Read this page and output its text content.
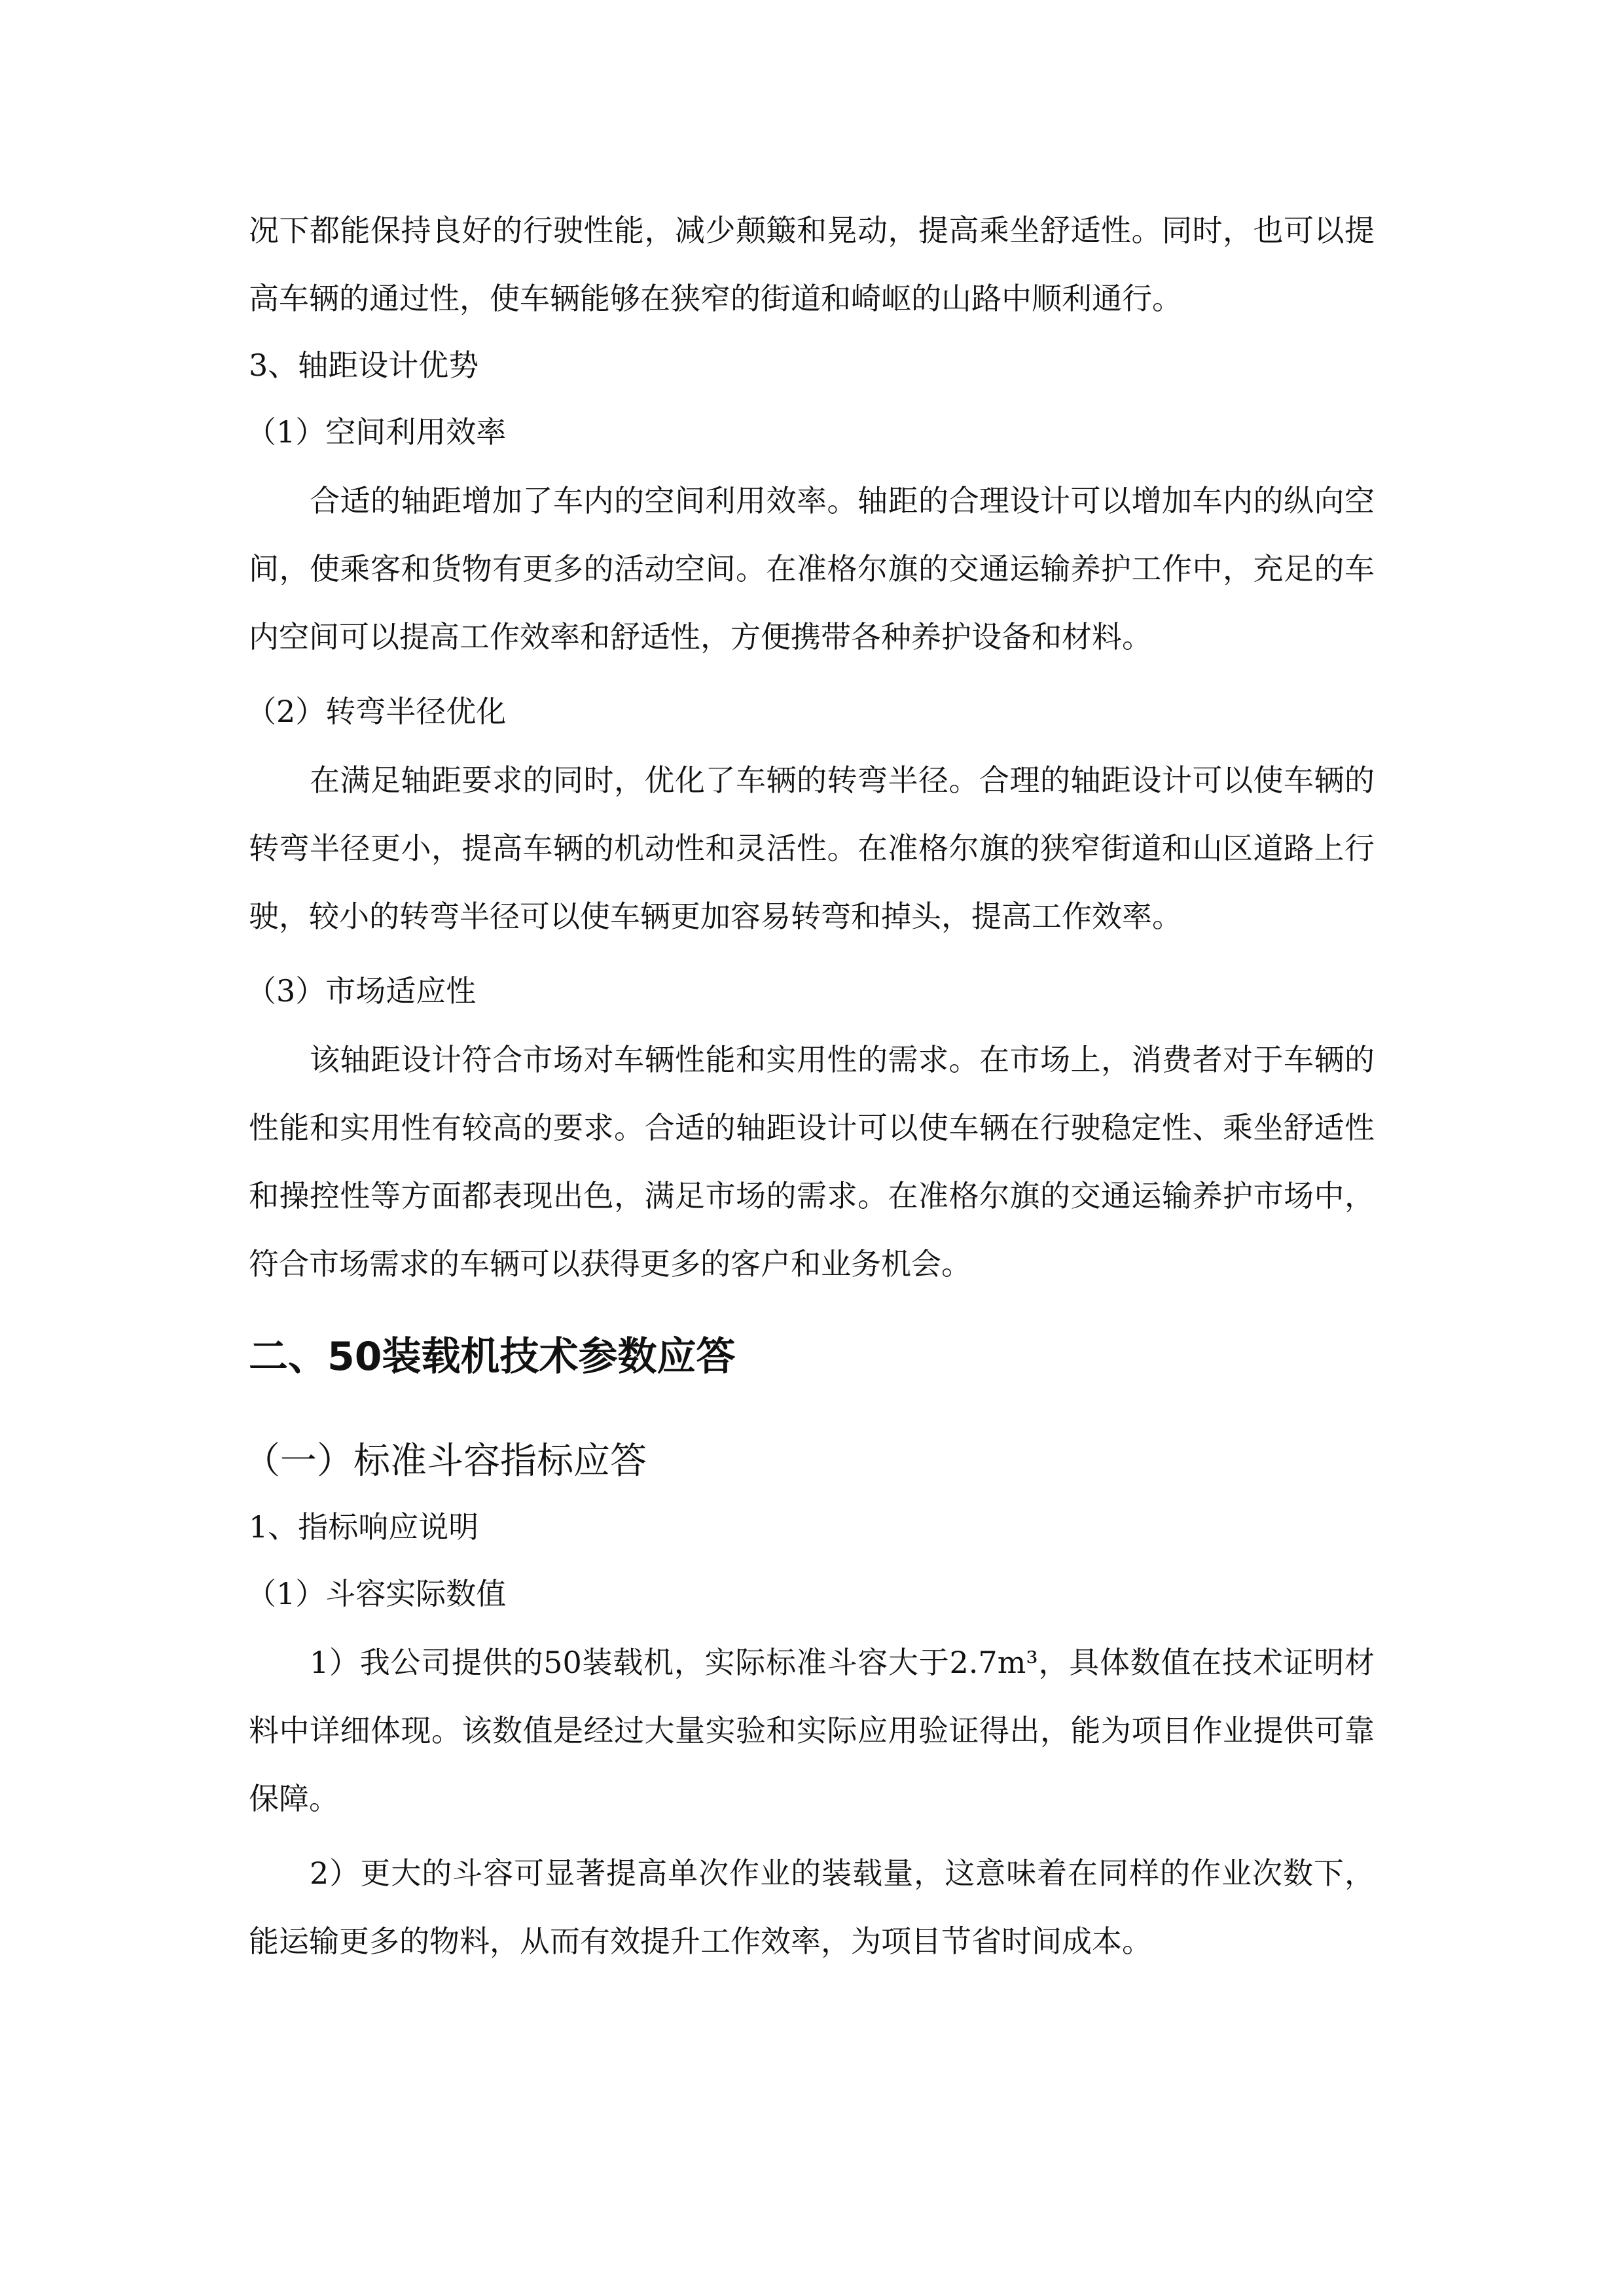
况下都能保持良好的行驶性能，减少颠簸和晃动，提高乘坐舒适性。同时，也可以提高车辆的通过性，使车辆能够在狭窄的街道和崎岖的山路中顺利通行。

3、轴距设计优势
（1）空间利用效率

合适的轴距增加了车内的空间利用效率。轴距的合理设计可以增加车内的纵向空间，使乘客和货物有更多的活动空间。在准格尔旗的交通运输养护工作中，充足的车内空间可以提高工作效率和舒适性，方便携带各种养护设备和材料。

（2）转弯半径优化

在满足轴距要求的同时，优化了车辆的转弯半径。合理的轴距设计可以使车辆的转弯半径更小，提高车辆的机动性和灵活性。在准格尔旗的狭窄街道和山区道路上行驶，较小的转弯半径可以使车辆更加容易转弯和掉头，提高工作效率。

（3）市场适应性

该轴距设计符合市场对车辆性能和实用性的需求。在市场上，消费者对于车辆的性能和实用性有较高的要求。合适的轴距设计可以使车辆在行驶稳定性、乘坐舒适性和操控性等方面都表现出色，满足市场的需求。在准格尔旗的交通运输养护市场中，符合市场需求的车辆可以获得更多的客户和业务机会。

二、50装载机技术参数应答
（一）标准斗容指标应答
1、指标响应说明
（1）斗容实际数值

1）我公司提供的50装载机，实际标准斗容大于2.7m³，具体数值在技术证明材料中详细体现。该数值是经过大量实验和实际应用验证得出，能为项目作业提供可靠保障。

2）更大的斗容可显著提高单次作业的装载量，这意味着在同样的作业次数下，能运输更多的物料，从而有效提升工作效率，为项目节省时间成本。
